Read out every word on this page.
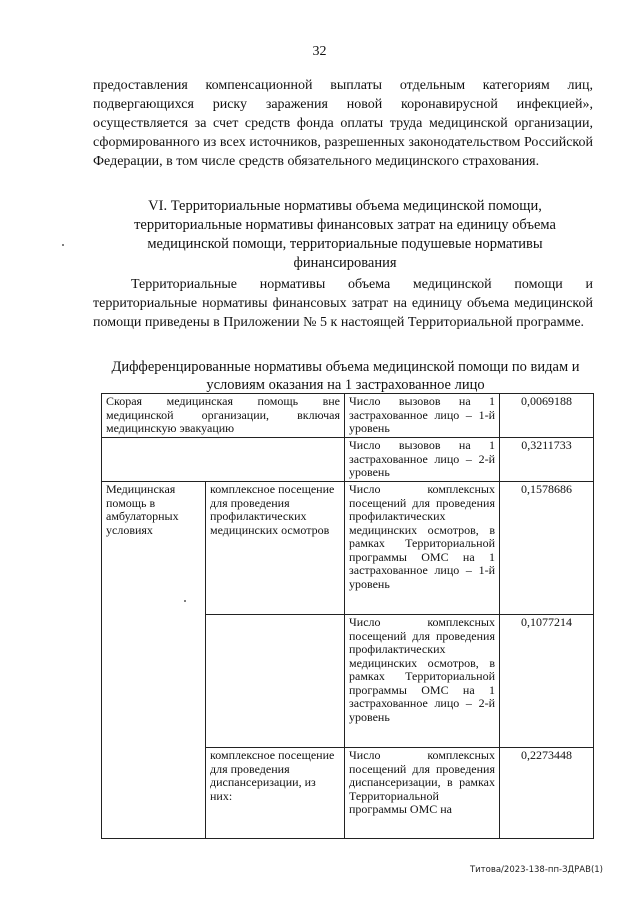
32
предоставления компенсационной выплаты отдельным категориям лиц, подвергающихся риску заражения новой коронавирусной инфекцией», осуществляется за счет средств фонда оплаты труда медицинской организации, сформированного из всех источников, разрешенных законодательством Российской Федерации, в том числе средств обязательного медицинского страхования.
VI. Территориальные нормативы объема медицинской помощи, территориальные нормативы финансовых затрат на единицу объема медицинской помощи, территориальные подушевые нормативы финансирования
Территориальные нормативы объема медицинской помощи и территориальные нормативы финансовых затрат на единицу объема медицинской помощи приведены в Приложении № 5 к настоящей Территориальной программе.
Дифференцированные нормативы объема медицинской помощи по видам и условиям оказания на 1 застрахованное лицо
Скорая медицинская помощь вне медицинской организации, включая медицинскую эвакуацию		Число вызовов на 1 застрахованное лицо – 1-й уровень	0,0069188
		Число вызовов на 1 застрахованное лицо – 2-й уровень	0,3211733
Медицинская помощь в амбулаторных условиях	комплексное посещение для проведения профилактических медицинских осмотров	Число комплексных посещений для проведения профилактических медицинских осмотров, в рамках Территориальной программы ОМС на 1 застрахованное лицо – 1-й уровень	0,1578686
		Число комплексных посещений для проведения профилактических медицинских осмотров, в рамках Территориальной программы ОМС на 1 застрахованное лицо – 2-й уровень	0,1077214
	комплексное посещение для проведения диспансеризации, из них:	Число комплексных посещений для проведения диспансеризации, в рамках Территориальной программы ОМС на	0,2273448
Титова/2023-138-пп-ЗДРАВ(1)
